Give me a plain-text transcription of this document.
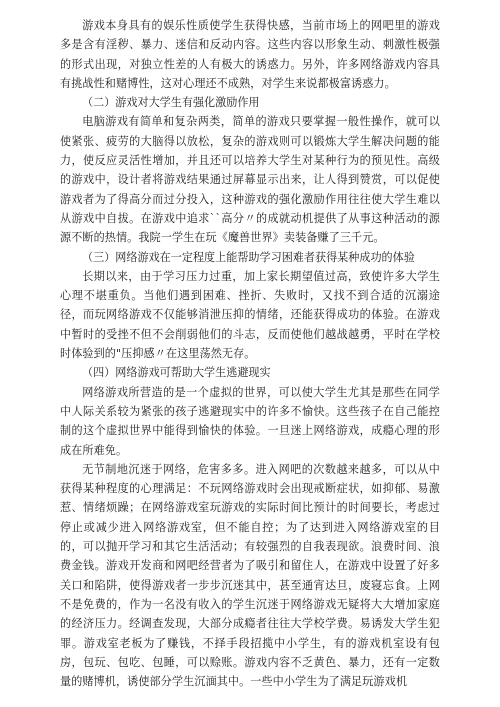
游戏本身具有的娱乐性质使学生获得快感，当前市场上的网吧里的游戏多是含有淫秽、暴力、迷信和反动内容。这些内容以形象生动、刺激性极强的形式出现，对独立性差的人有极大的诱惑力。另外，许多网络游戏内容具有挑战性和赌博性，这对心理还不成熟，对学生来说都极富诱惑力。

（二）游戏对大学生有强化激励作用

电脑游戏有简单和复杂两类，简单的游戏只要掌握一般性操作，就可以使紧张、疲劳的大脑得以放松，复杂的游戏则可以锻炼大学生解决问题的能力，使反应灵活性增加，并且还可以培养大学生对某种行为的预见性。高级的游戏中，设计者将游戏结果通过屏幕显示出来，让人得到赞赏，可以促使游戏者为了得高分而过分投入，这种游戏的强化激励作用往往使大学生难以从游戏中自拔。在游戏中追求``高分〃的成就动机提供了从事这种活动的源源不断的热情。我院一学生在玩《魔兽世界》卖装备赚了三千元。

（三）网络游戏在一定程度上能帮助学习困难者获得某种成功的体验

长期以来，由于学习压力过重，加上家长期望值过高，致使许多大学生心理不堪重负。当他们遇到困难、挫折、失败时，又找不到合适的沉溺途径，而玩网络游戏不仅能够消泄压抑的情绪，还能获得成功的体验。在游戏中暂时的受挫不但不会削弱他们的斗志，反而使他们越战越勇，平时在学校时体验到的"压抑感〃在这里荡然无存。

（四）网络游戏可帮助大学生逃避现实

网络游戏所营造的是一个虚拟的世界，可以使大学生尤其是那些在同学中人际关系较为紧张的孩子逃避现实中的许多不愉快。这些孩子在自己能控制的这个虚拟世界中能得到愉快的体验。一旦迷上网络游戏，成瘾心理的形成在所难免。

无节制地沉迷于网络，危害多多。进入网吧的次数越来越多，可以从中获得某种程度的心理满足：不玩网络游戏时会出现戒断症状，如抑郁、易激惹、情绪烦躁；在网络游戏室玩游戏的实际时间比预计的时间要长，考虑过停止或减少进入网络游戏室，但不能自控；为了达到进入网络游戏室的目的，可以抛开学习和其它生活活动；有较强烈的自我表现欲。浪费时间、浪费金钱。游戏开发商和网吧经营者为了吸引和留住人，在游戏中设置了好多关口和陷阱，使得游戏者一步步沉迷其中，甚至通宵达旦，废寝忘食。上网不是免费的，作为一名没有收入的学生沉迷于网络游戏无疑将大大增加家庭的经济压力。经调查发现，大部分成瘾者往往大学校学费。易诱发大学生犯罪。游戏室老板为了赚钱，不择手段招揽中小学生，有的游戏机室设有包房，包玩、包吃、包睡，可以赊账。游戏内容不乏黄色、暴力，还有一定数量的赌博机，诱使部分学生沉湎其中。一些中小学生为了满足玩游戏机
